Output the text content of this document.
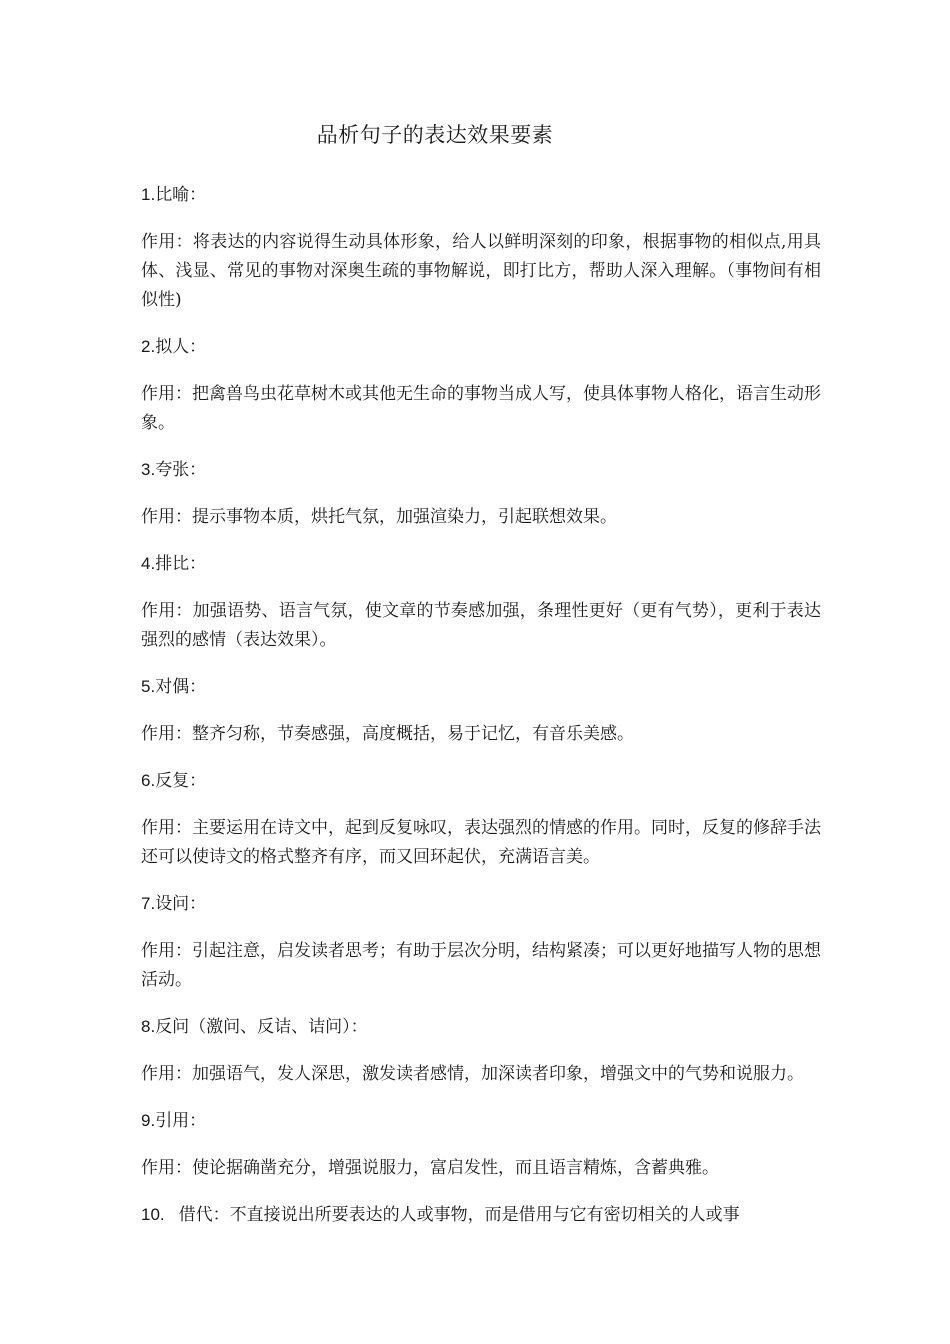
品析句子的表达效果要素
1.比喻：
作用：将表达的内容说得生动具体形象，给人以鲜明深刻的印象，根据事物的相似点,用具体、浅显、常见的事物对深奥生疏的事物解说，即打比方，帮助人深入理解。（事物间有相似性)
2.拟人：
作用：把禽兽鸟虫花草树木或其他无生命的事物当成人写，使具体事物人格化，语言生动形象。
3.夸张：
作用：提示事物本质，烘托气氛，加强渲染力，引起联想效果。
4.排比：
作用：加强语势、语言气氛，使文章的节奏感加强，条理性更好（更有气势），更利于表达强烈的感情（表达效果）。
5.对偶：
作用：整齐匀称，节奏感强，高度概括，易于记忆，有音乐美感。
6.反复：
作用：主要运用在诗文中，起到反复咏叹，表达强烈的情感的作用。同时，反复的修辞手法还可以使诗文的格式整齐有序，而又回环起伏，充满语言美。
7.设问：
作用：引起注意，启发读者思考；有助于层次分明，结构紧凑；可以更好地描写人物的思想活动。
8.反问（激问、反诘、诘问）：
作用：加强语气，发人深思，激发读者感情，加深读者印象，增强文中的气势和说服力。
9.引用：
作用：使论据确凿充分，增强说服力，富启发性，而且语言精炼，含蓄典雅。
10. 借代：不直接说出所要表达的人或事物，而是借用与它有密切相关的人或事
